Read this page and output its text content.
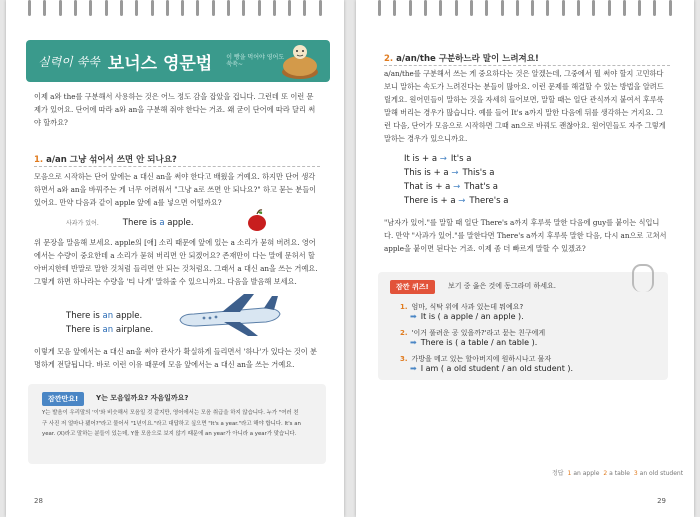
실력이 쑥쑥 보너스 영문법 이 빵을 먹어야 영어도 쑥쑥~
이제 a와 the를 구분해서 사용하는 것은 어느 정도 감을 잡았을 겁니다. 그런데 또 이런 문제가 있어요. 단어에 따라 a와 an을 구분해 줘야 한다는 거죠. 왜 굳이 단어에 따라 달리 써야 할까요?
1. a/an 그냥 섞어서 쓰면 안 되나요?
모음으로 시작하는 단어 앞에는 a 대신 an을 써야 한다고 배웠을 거예요. 하지만 단어 생각하면서 a와 an을 바꿔주는 게 너무 어려워서 "그냥 a로 쓰면 안 되나요?" 하고 묻는 분들이 있어요. 만약 다음과 같이 apple 앞에 a를 넣으면 어떨까요?
사과가 있어.	There is a apple.
위 문장을 말음해 보세요. apple의 [애] 소리 때문에 앞에 있는 a 소리가 묻혀 버려요. 영어에서는 수량이 중요한데 a 소리가 묻혀 버리면 안 되겠어요? 존재만이 다는 말에 문허서 할아버지한테 반말로 말한 것처럼 들리면 안 되는 것처럼요. 그래서 a 대신 an을 쓰는 거예요. 그렇게 하면 하나라는 수량을 '티 나게' 말하줄 수 있으니까요. 다음을 발음해 보세요.
There is an apple.
There is an airplane.
이렇게 모음 앞에서는 a 대신 an을 써야 관사가 확실하게 들리면서 '하나'가 있다는 것이 분명하게 전달됩니다. 바로 이런 이유 때문에 모음 앞에서는 a 대신 an을 쓰는 거예요.
잠깐만요!	Y는 모음일까요? 자음일까요?
Y는 발음이 우리말의 '이'와 비슷해서 모음일 것 같지만, 영어에서는 모음 취급을 하지 않습니다. 누가 "여러 친구 사진 저 얼마나 됐어?"라고 물어서 "1년이요."라고 대답하고 싶으면 "It's a year."라고 해야 합니다. It's an year. (X)라고 말하는 분들이 있는데, Y를 모음으로 보지 않기 때문에 an year가 아니라 a year가 맞습니다.
28
2. a/an/the 구분하느라 말이 느려져요!
a/an/the를 구분해서 쓰는 게 중요하다는 것은 알겠는데, 그중에서 뭘 써야 할지 고민하다 보니 말하는 속도가 느려진다는 분들이 많아요. 이런 문제를 해결할 수 있는 방법을 알려드릴게요. 원어민들이 말하는 것을 자세히 들어보면, 말할 때는 일단 관식까지 붙여서 후루룩 말해 버리는 경우가 많습니다. 예를 들어 It's a까지 말한 다음에 뒤를 생각하는 거지요. 그런 다음, 단어가 모음으로 시작하면 그때 an으로 바꿔도 괜찮아요. 원어민들도 자주 그렇게 말하는 경우가 있으니까요.
It is + a → It's a
This is + a → This's a
That is + a → That's a
There is + a → There's a
"남자가 있어."를 말할 때 일단 There's a까지 후루룩 말한 다음에 guy를 붙이는 식입니다. 만약 "사과가 있어."를 말한다면 There's a까지 후루룩 말한 다음, 다시 an으로 고쳐서 apple을 붙이면 된다는 거죠. 이제 좀 더 빠르게 말할 수 있겠죠?
잠깐 퀴즈!	보기 중 옳은 것에 동그라미 하세요.
1. 엄마, 식탁 위에 사과 있는데 뭐예요?
➡ It is ( a apple / an apple ).
2. '이거 풀려운 공 있을까?'라고 묻는 친구에게
➡ There is ( a table / an table ).
3. 가방을 메고 있는 할아버지에 원하시나고 물자
➡ I am ( a old student / an old student ).
정답 1 an apple 2 a table 3 an old student
29
